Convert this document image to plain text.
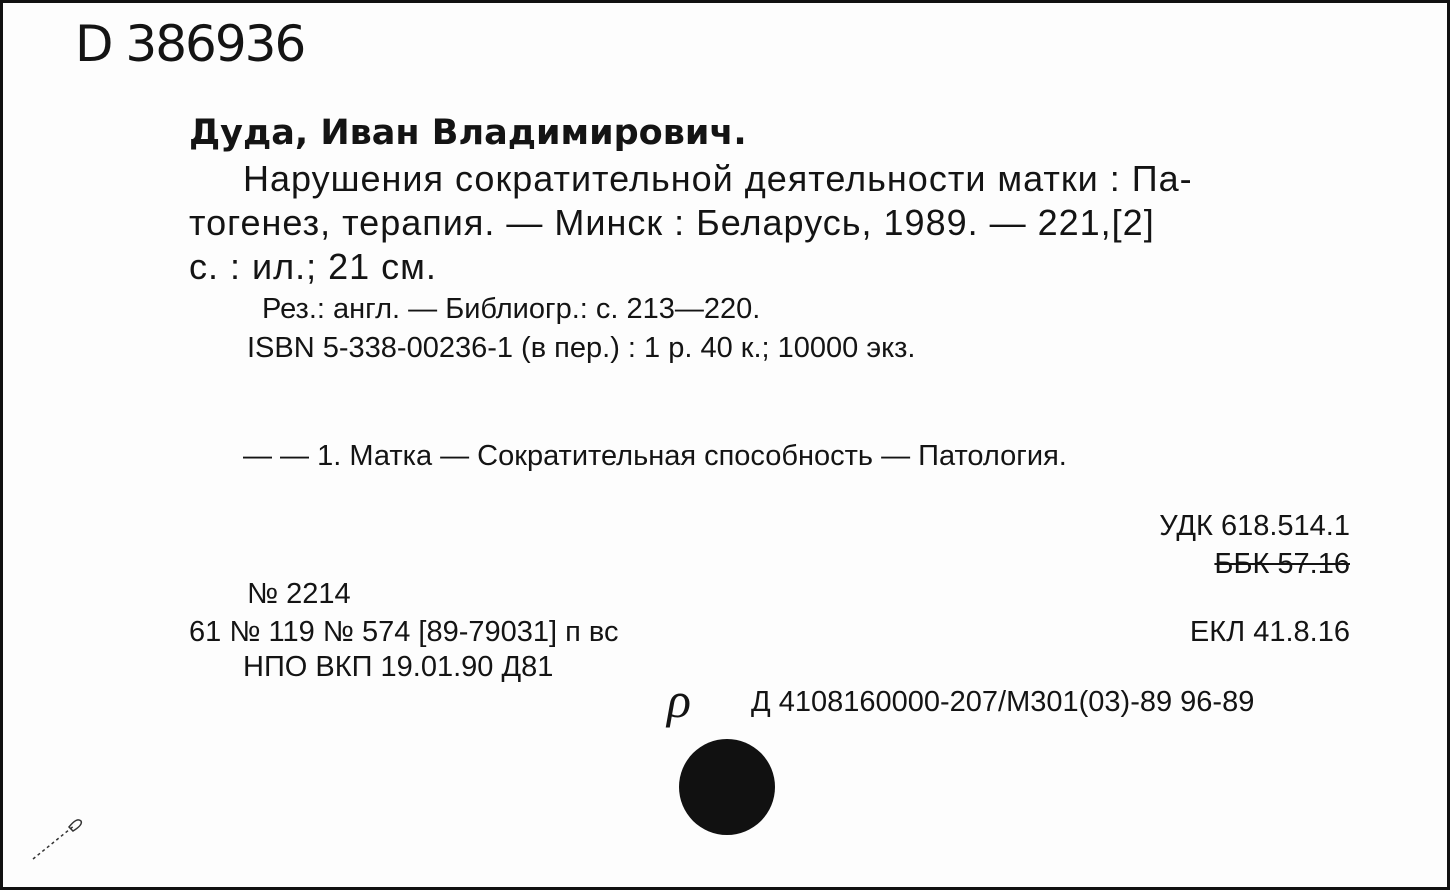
D 386936
Дуда, Иван Владимирович.
Нарушения сократительной деятельности матки : Па-
тогенез, терапия. — Минск : Беларусь, 1989. — 221,[2]
с. : ил.; 21 см.
Рез.: англ. — Библиогр.: с. 213—220.
ISBN 5-338-00236-1 (в пер.) : 1 р. 40 к.; 10000 экз.
— — 1. Матка — Сократительная способность — Патология.
УДК 618.514.1
ББК 57.16
№ 2214
61 № 119 № 574 [89-79031] п вс
НПО ВКП 19.01.90 Д81
ЕКЛ 41.8.16
ρ Д 4108160000-207/М301(03)-89 96-89
